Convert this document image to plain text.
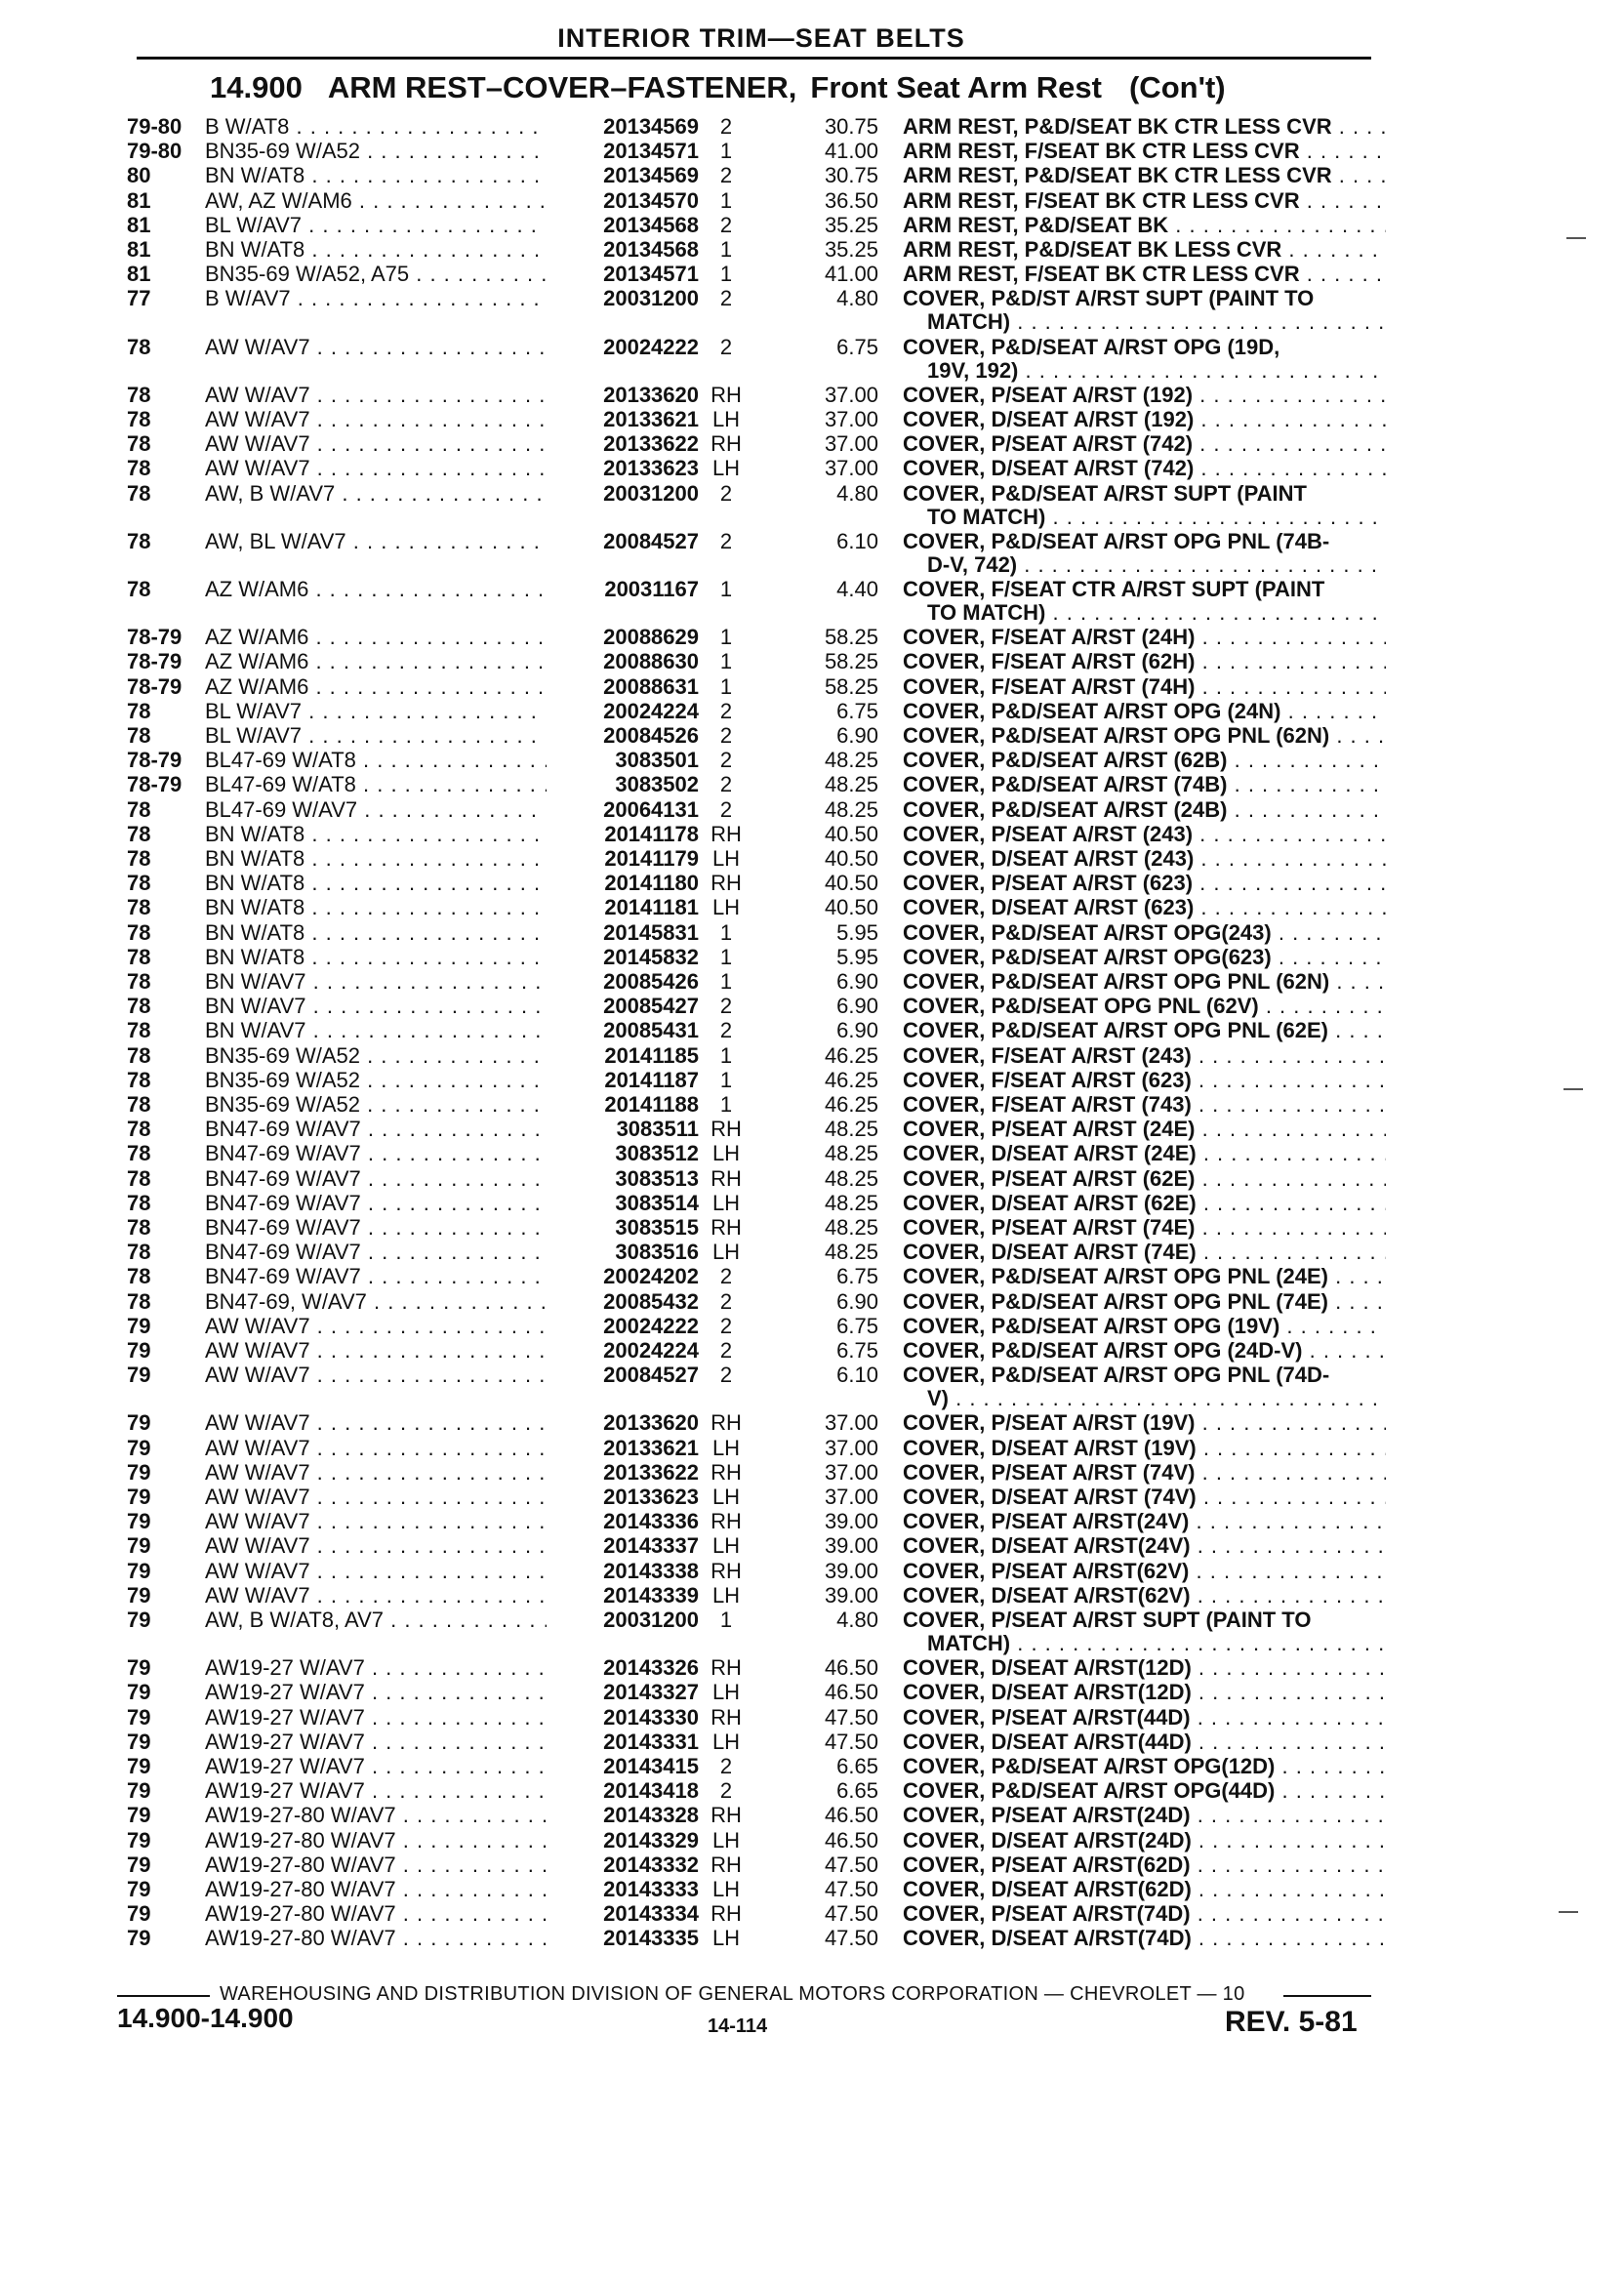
INTERIOR TRIM—SEAT BELTS
14.900 ARM REST–COVER–FASTENER, Front Seat Arm Rest (Con't)
79-80 B W/AT8 . . .	20134569 2	30.75 ARM REST, P&D/SEAT BK CTR LESS CVR . . .
79-80 BN35-69 W/A52 . . .	20134571 1	41.00 ARM REST, F/SEAT BK CTR LESS CVR . . .
80	BN W/AT8 . . .	20134569 2	30.75 ARM REST, P&D/SEAT BK CTR LESS CVR . . .
81	AW, AZ W/AM6 . . .	20134570 1	36.50 ARM REST, F/SEAT BK CTR LESS CVR . . .
81	BL W/AV7 . . .	20134568 2	35.25 ARM REST, P&D/SEAT BK . . .
81	BN W/AT8 . . .	20134568 1	35.25 ARM REST, P&D/SEAT BK LESS CVR . . .
81	BN35-69 W/A52, A75 . . .	20134571 1	41.00 ARM REST, F/SEAT BK CTR LESS CVR . . .
77	B W/AV7 . . .	20031200 2	4.80 COVER, P&D/ST A/RST SUPT (PAINT TO
MATCH) . . .
78	AW W/AV7 . . .	20024222 2	6.75 COVER, P&D/SEAT A/RST OPG (19D,
19V, 192) . . .
78	AW W/AV7 . . .	20133620 RH	37.00 COVER, P/SEAT A/RST (192) . . .
78	AW W/AV7 . . .	20133621 LH	37.00 COVER, D/SEAT A/RST (192) . . .
78	AW W/AV7 . . .	20133622 RH	37.00 COVER, P/SEAT A/RST (742) . . .
78	AW W/AV7 . . .	20133623 LH	37.00 COVER, D/SEAT A/RST (742) . . .
78	AW, B W/AV7 . . .	20031200 2	4.80 COVER, P&D/SEAT A/RST SUPT (PAINT
TO MATCH) . . .
78	AW, BL W/AV7 . . .	20084527 2	6.10 COVER, P&D/SEAT A/RST OPG PNL (74B-
D-V, 742) . . .
78	AZ W/AM6 . . .	20031167 1	4.40 COVER, F/SEAT CTR A/RST SUPT (PAINT
TO MATCH) . . .
78-79 AZ W/AM6 . . .	20088629 1	58.25 COVER, F/SEAT A/RST (24H) . . .
78-79 AZ W/AM6 . . .	20088630 1	58.25 COVER, F/SEAT A/RST (62H) . . .
78-79 AZ W/AM6 . . .	20088631 1	58.25 COVER, F/SEAT A/RST (74H) . . .
78	BL W/AV7 . . .	20024224 2	6.75 COVER, P&D/SEAT A/RST OPG (24N) . . .
78	BL W/AV7 . . .	20084526 2	6.90 COVER, P&D/SEAT A/RST OPG PNL (62N) . . .
78-79 BL47-69 W/AT8 . . .	3083501 2	48.25 COVER, P&D/SEAT A/RST (62B) . . .
78-79 BL47-69 W/AT8 . . .	3083502 2	48.25 COVER, P&D/SEAT A/RST (74B) . . .
78	BL47-69 W/AV7 . . .	20064131 2	48.25 COVER, P&D/SEAT A/RST (24B) . . .
78	BN W/AT8 . . .	20141178 RH	40.50 COVER, P/SEAT A/RST (243) . . .
78	BN W/AT8 . . .	20141179 LH	40.50 COVER, D/SEAT A/RST (243) . . .
78	BN W/AT8 . . .	20141180 RH	40.50 COVER, P/SEAT A/RST (623) . . .
78	BN W/AT8 . . .	20141181 LH	40.50 COVER, D/SEAT A/RST (623) . . .
78	BN W/AT8 . . .	20145831 1	5.95 COVER, P&D/SEAT A/RST OPG(243) . . .
78	BN W/AT8 . . .	20145832 1	5.95 COVER, P&D/SEAT A/RST OPG(623) . . .
78	BN W/AV7 . . .	20085426 1	6.90 COVER, P&D/SEAT A/RST OPG PNL (62N) . . .
78	BN W/AV7 . . .	20085427 2	6.90 COVER, P&D/SEAT OPG PNL (62V) . . .
78	BN W/AV7 . . .	20085431 2	6.90 COVER, P&D/SEAT A/RST OPG PNL (62E) . . .
78	BN35-69 W/A52 . . .	20141185 1	46.25 COVER, F/SEAT A/RST (243) . . .
78	BN35-69 W/A52 . . .	20141187 1	46.25 COVER, F/SEAT A/RST (623) . . .
78	BN35-69 W/A52 . . .	20141188 1	46.25 COVER, F/SEAT A/RST (743) . . .
78	BN47-69 W/AV7 . . .	3083511 RH	48.25 COVER, P/SEAT A/RST (24E) . . .
78	BN47-69 W/AV7 . . .	3083512 LH	48.25 COVER, D/SEAT A/RST (24E) . . .
78	BN47-69 W/AV7 . . .	3083513 RH	48.25 COVER, P/SEAT A/RST (62E) . . .
78	BN47-69 W/AV7 . . .	3083514 LH	48.25 COVER, D/SEAT A/RST (62E) . . .
78	BN47-69 W/AV7 . . .	3083515 RH	48.25 COVER, P/SEAT A/RST (74E) . . .
78	BN47-69 W/AV7 . . .	3083516 LH	48.25 COVER, D/SEAT A/RST (74E) . . .
78	BN47-69 W/AV7 . . .	20024202 2	6.75 COVER, P&D/SEAT A/RST OPG PNL (24E) . . .
78	BN47-69, W/AV7 . . .	20085432 2	6.90 COVER, P&D/SEAT A/RST OPG PNL (74E) . . .
79	AW W/AV7 . . .	20024222 2	6.75 COVER, P&D/SEAT A/RST OPG (19V) . . .
79	AW W/AV7 . . .	20024224 2	6.75 COVER, P&D/SEAT A/RST OPG (24D-V) . . .
79	AW W/AV7 . . .	20084527 2	6.10 COVER, P&D/SEAT A/RST OPG PNL (74D-
V) . . .
79	AW W/AV7 . . .	20133620 RH	37.00 COVER, P/SEAT A/RST (19V) . . .
79	AW W/AV7 . . .	20133621 LH	37.00 COVER, D/SEAT A/RST (19V) . . .
79	AW W/AV7 . . .	20133622 RH	37.00 COVER, P/SEAT A/RST (74V) . . .
79	AW W/AV7 . . .	20133623 LH	37.00 COVER, D/SEAT A/RST (74V) . . .
79	AW W/AV7 . . .	20143336 RH	39.00 COVER, P/SEAT A/RST(24V) . . .
79	AW W/AV7 . . .	20143337 LH	39.00 COVER, D/SEAT A/RST(24V) . . .
79	AW W/AV7 . . .	20143338 RH	39.00 COVER, P/SEAT A/RST(62V) . . .
79	AW W/AV7 . . .	20143339 LH	39.00 COVER, D/SEAT A/RST(62V) . . .
79	AW, B W/AT8, AV7 . . .	20031200 1	4.80 COVER, P/SEAT A/RST SUPT (PAINT TO
MATCH) . . .
79	AW19-27 W/AV7 . . .	20143326 RH	46.50 COVER, D/SEAT A/RST(12D) . . .
79	AW19-27 W/AV7 . . .	20143327 LH	46.50 COVER, D/SEAT A/RST(12D) . . .
79	AW19-27 W/AV7 . . .	20143330 RH	47.50 COVER, P/SEAT A/RST(44D) . . .
79	AW19-27 W/AV7 . . .	20143331 LH	47.50 COVER, D/SEAT A/RST(44D) . . .
79	AW19-27 W/AV7 . . .	20143415 2	6.65 COVER, P&D/SEAT A/RST OPG(12D) . . .
79	AW19-27 W/AV7 . . .	20143418 2	6.65 COVER, P&D/SEAT A/RST OPG(44D) . . .
79	AW19-27-80 W/AV7 . . .	20143328 RH	46.50 COVER, P/SEAT A/RST(24D) . . .
79	AW19-27-80 W/AV7 . . .	20143329 LH	46.50 COVER, D/SEAT A/RST(24D) . . .
79	AW19-27-80 W/AV7 . . .	20143332 RH	47.50 COVER, P/SEAT A/RST(62D) . . .
79	AW19-27-80 W/AV7 . . .	20143333 LH	47.50 COVER, D/SEAT A/RST(62D) . . .
79	AW19-27-80 W/AV7 . . .	20143334 RH	47.50 COVER, P/SEAT A/RST(74D) . . .
79	AW19-27-80 W/AV7 . . .	20143335 LH	47.50 COVER, D/SEAT A/RST(74D) . . .
WAREHOUSING AND DISTRIBUTION DIVISION OF GENERAL MOTORS CORPORATION — CHEVROLET — 10
14.900-14.900	14-114	REV. 5-81
